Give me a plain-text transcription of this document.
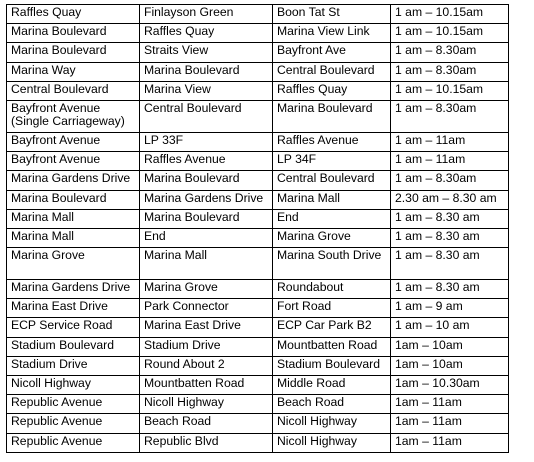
Raffles Quay	Finlayson Green	Boon Tat St	1 am – 10.15am
Marina Boulevard	Raffles Quay	Marina View Link	1 am – 10.15am
Marina Boulevard	Straits View	Bayfront Ave	1 am – 8.30am
Marina Way	Marina Boulevard	Central Boulevard	1 am – 8.30am
Central Boulevard	Marina View	Raffles Quay	1 am – 10.15am
Bayfront Avenue (Single Carriageway)	Central Boulevard	Marina Boulevard	1 am – 8.30am
Bayfront Avenue	LP 33F	Raffles Avenue	1 am – 11am
Bayfront Avenue	Raffles Avenue	LP 34F	1 am – 11am
Marina Gardens Drive	Marina Boulevard	Central Boulevard	1 am – 8.30am
Marina Boulevard	Marina Gardens Drive	Marina Mall	2.30 am – 8.30 am
Marina Mall	Marina Boulevard	End	1 am – 8.30 am
Marina Mall	End	Marina Grove	1 am – 8.30 am
Marina Grove	Marina Mall	Marina South Drive	1 am – 8.30 am
Marina Gardens Drive	Marina Grove	Roundabout	1 am – 8.30 am
Marina East Drive	Park Connector	Fort Road	1 am – 9 am
ECP Service Road	Marina East Drive	ECP Car Park B2	1 am – 10 am
Stadium Boulevard	Stadium Drive	Mountbatten Road	1am – 10am
Stadium Drive	Round About 2	Stadium Boulevard	1am – 10am
Nicoll Highway	Mountbatten Road	Middle Road	1am – 10.30am
Republic Avenue	Nicoll Highway	Beach Road	1am – 11am
Republic Avenue	Beach Road	Nicoll Highway	1am – 11am
Republic Avenue	Republic Blvd	Nicoll Highway	1am – 11am
